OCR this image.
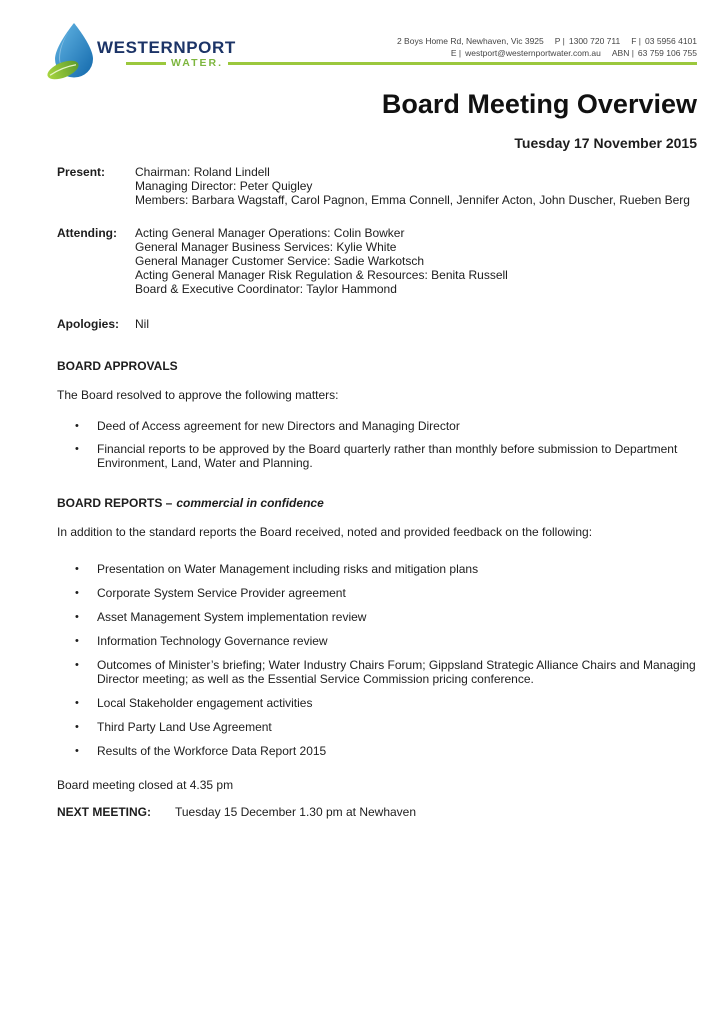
WESTERNPORT
WATER.
2 Boys Home Rd, Newhaven, Vic 3925 P | 1300 720 711 F | 03 5956 4101
E | westport@westernportwater.com.au ABN | 63 759 106 755
Board Meeting Overview
Tuesday 17 November 2015
Present:	Chairman: Roland Lindell
Managing Director: Peter Quigley
Members: Barbara Wagstaff, Carol Pagnon, Emma Connell, Jennifer Acton, John Duscher, Rueben Berg
Attending:	Acting General Manager Operations: Colin Bowker
General Manager Business Services: Kylie White
General Manager Customer Service: Sadie Warkotsch
Acting General Manager Risk Regulation & Resources: Benita Russell
Board & Executive Coordinator: Taylor Hammond
Apologies:	Nil
BOARD APPROVALS
The Board resolved to approve the following matters:
•	Deed of Access agreement for new Directors and Managing Director
•	Financial reports to be approved by the Board quarterly rather than monthly before submission to Department Environment, Land, Water and Planning.
BOARD REPORTS – commercial in confidence
In addition to the standard reports the Board received, noted and provided feedback on the following:
•	Presentation on Water Management including risks and mitigation plans
•	Corporate System Service Provider agreement
•	Asset Management System implementation review
•	Information Technology Governance review
•	Outcomes of Minister’s briefing; Water Industry Chairs Forum; Gippsland Strategic Alliance Chairs and Managing Director meeting; as well as the Essential Service Commission pricing conference.
•	Local Stakeholder engagement activities
•	Third Party Land Use Agreement
•	Results of the Workforce Data Report 2015
Board meeting closed at 4.35 pm
NEXT MEETING:	Tuesday 15 December 1.30 pm at Newhaven
